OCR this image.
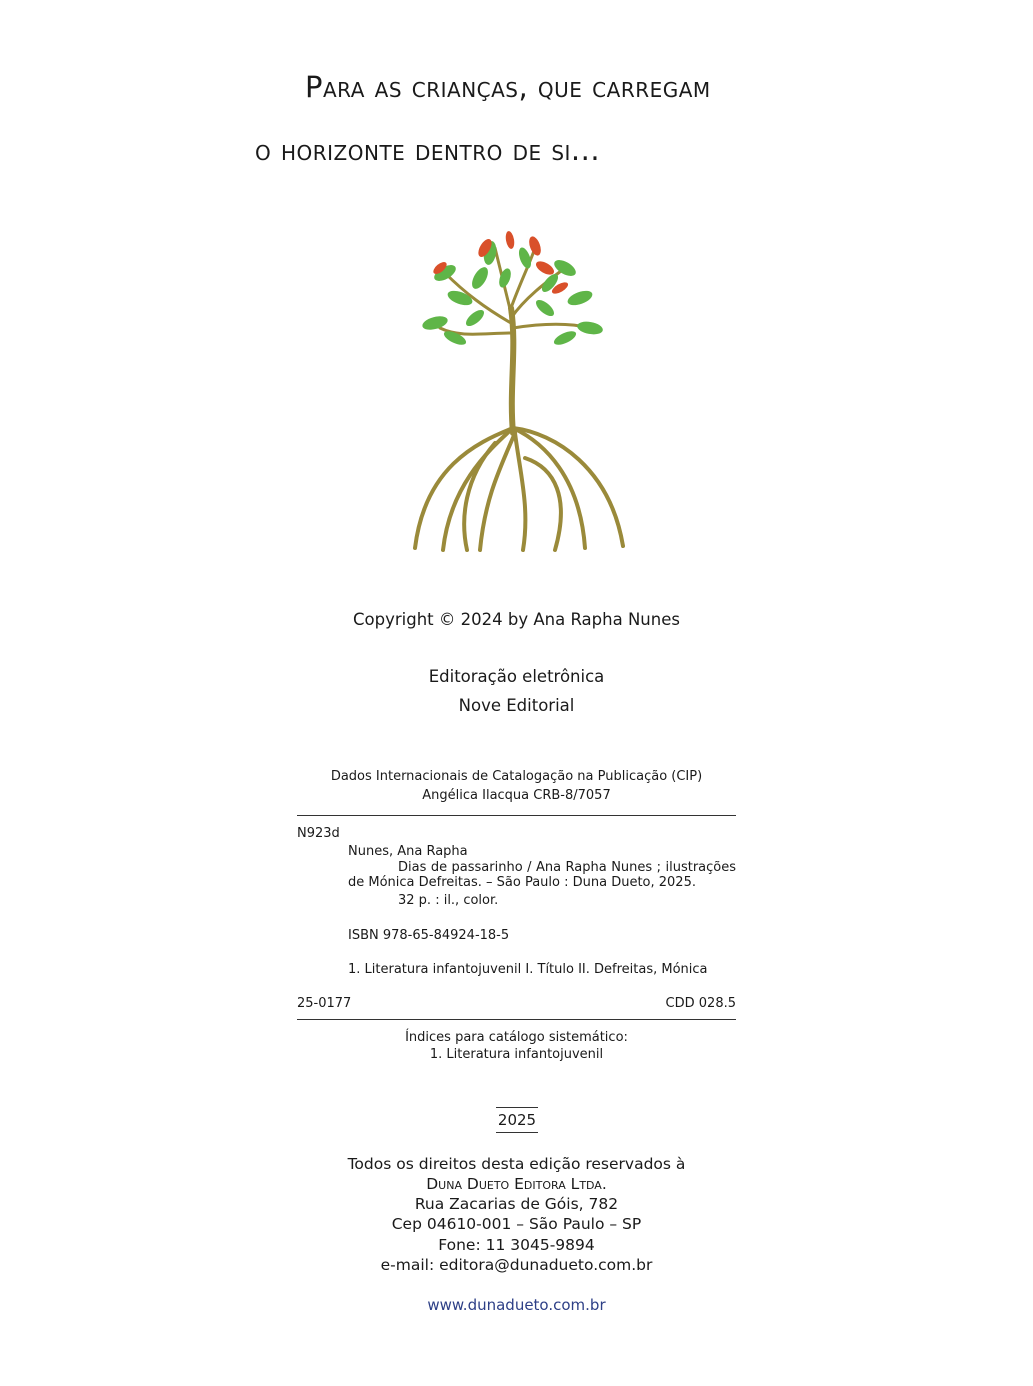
Para as crianças, que carregam
o horizonte dentro de si...
Copyright © 2024 by Ana Rapha Nunes
Editoração eletrônica
Nove Editorial
Dados Internacionais de Catalogação na Publicação (CIP)
Angélica Ilacqua CRB-8/7057
N923d
Nunes, Ana Rapha
Dias de passarinho / Ana Rapha Nunes ; ilustrações de Mónica Defreitas. – São Paulo : Duna Dueto, 2025.
32 p. : il., color.
ISBN 978-65-84924-18-5
1. Literatura infantojuvenil I. Título II. Defreitas, Mónica
25-0177	CDD 028.5
Índices para catálogo sistemático:
1. Literatura infantojuvenil
2025
Todos os direitos desta edição reservados à
Duna Dueto Editora Ltda.
Rua Zacarias de Góis, 782
Cep 04610-001 – São Paulo – SP
Fone: 11 3045-9894
e-mail: editora@dunadueto.com.br
www.dunadueto.com.br
